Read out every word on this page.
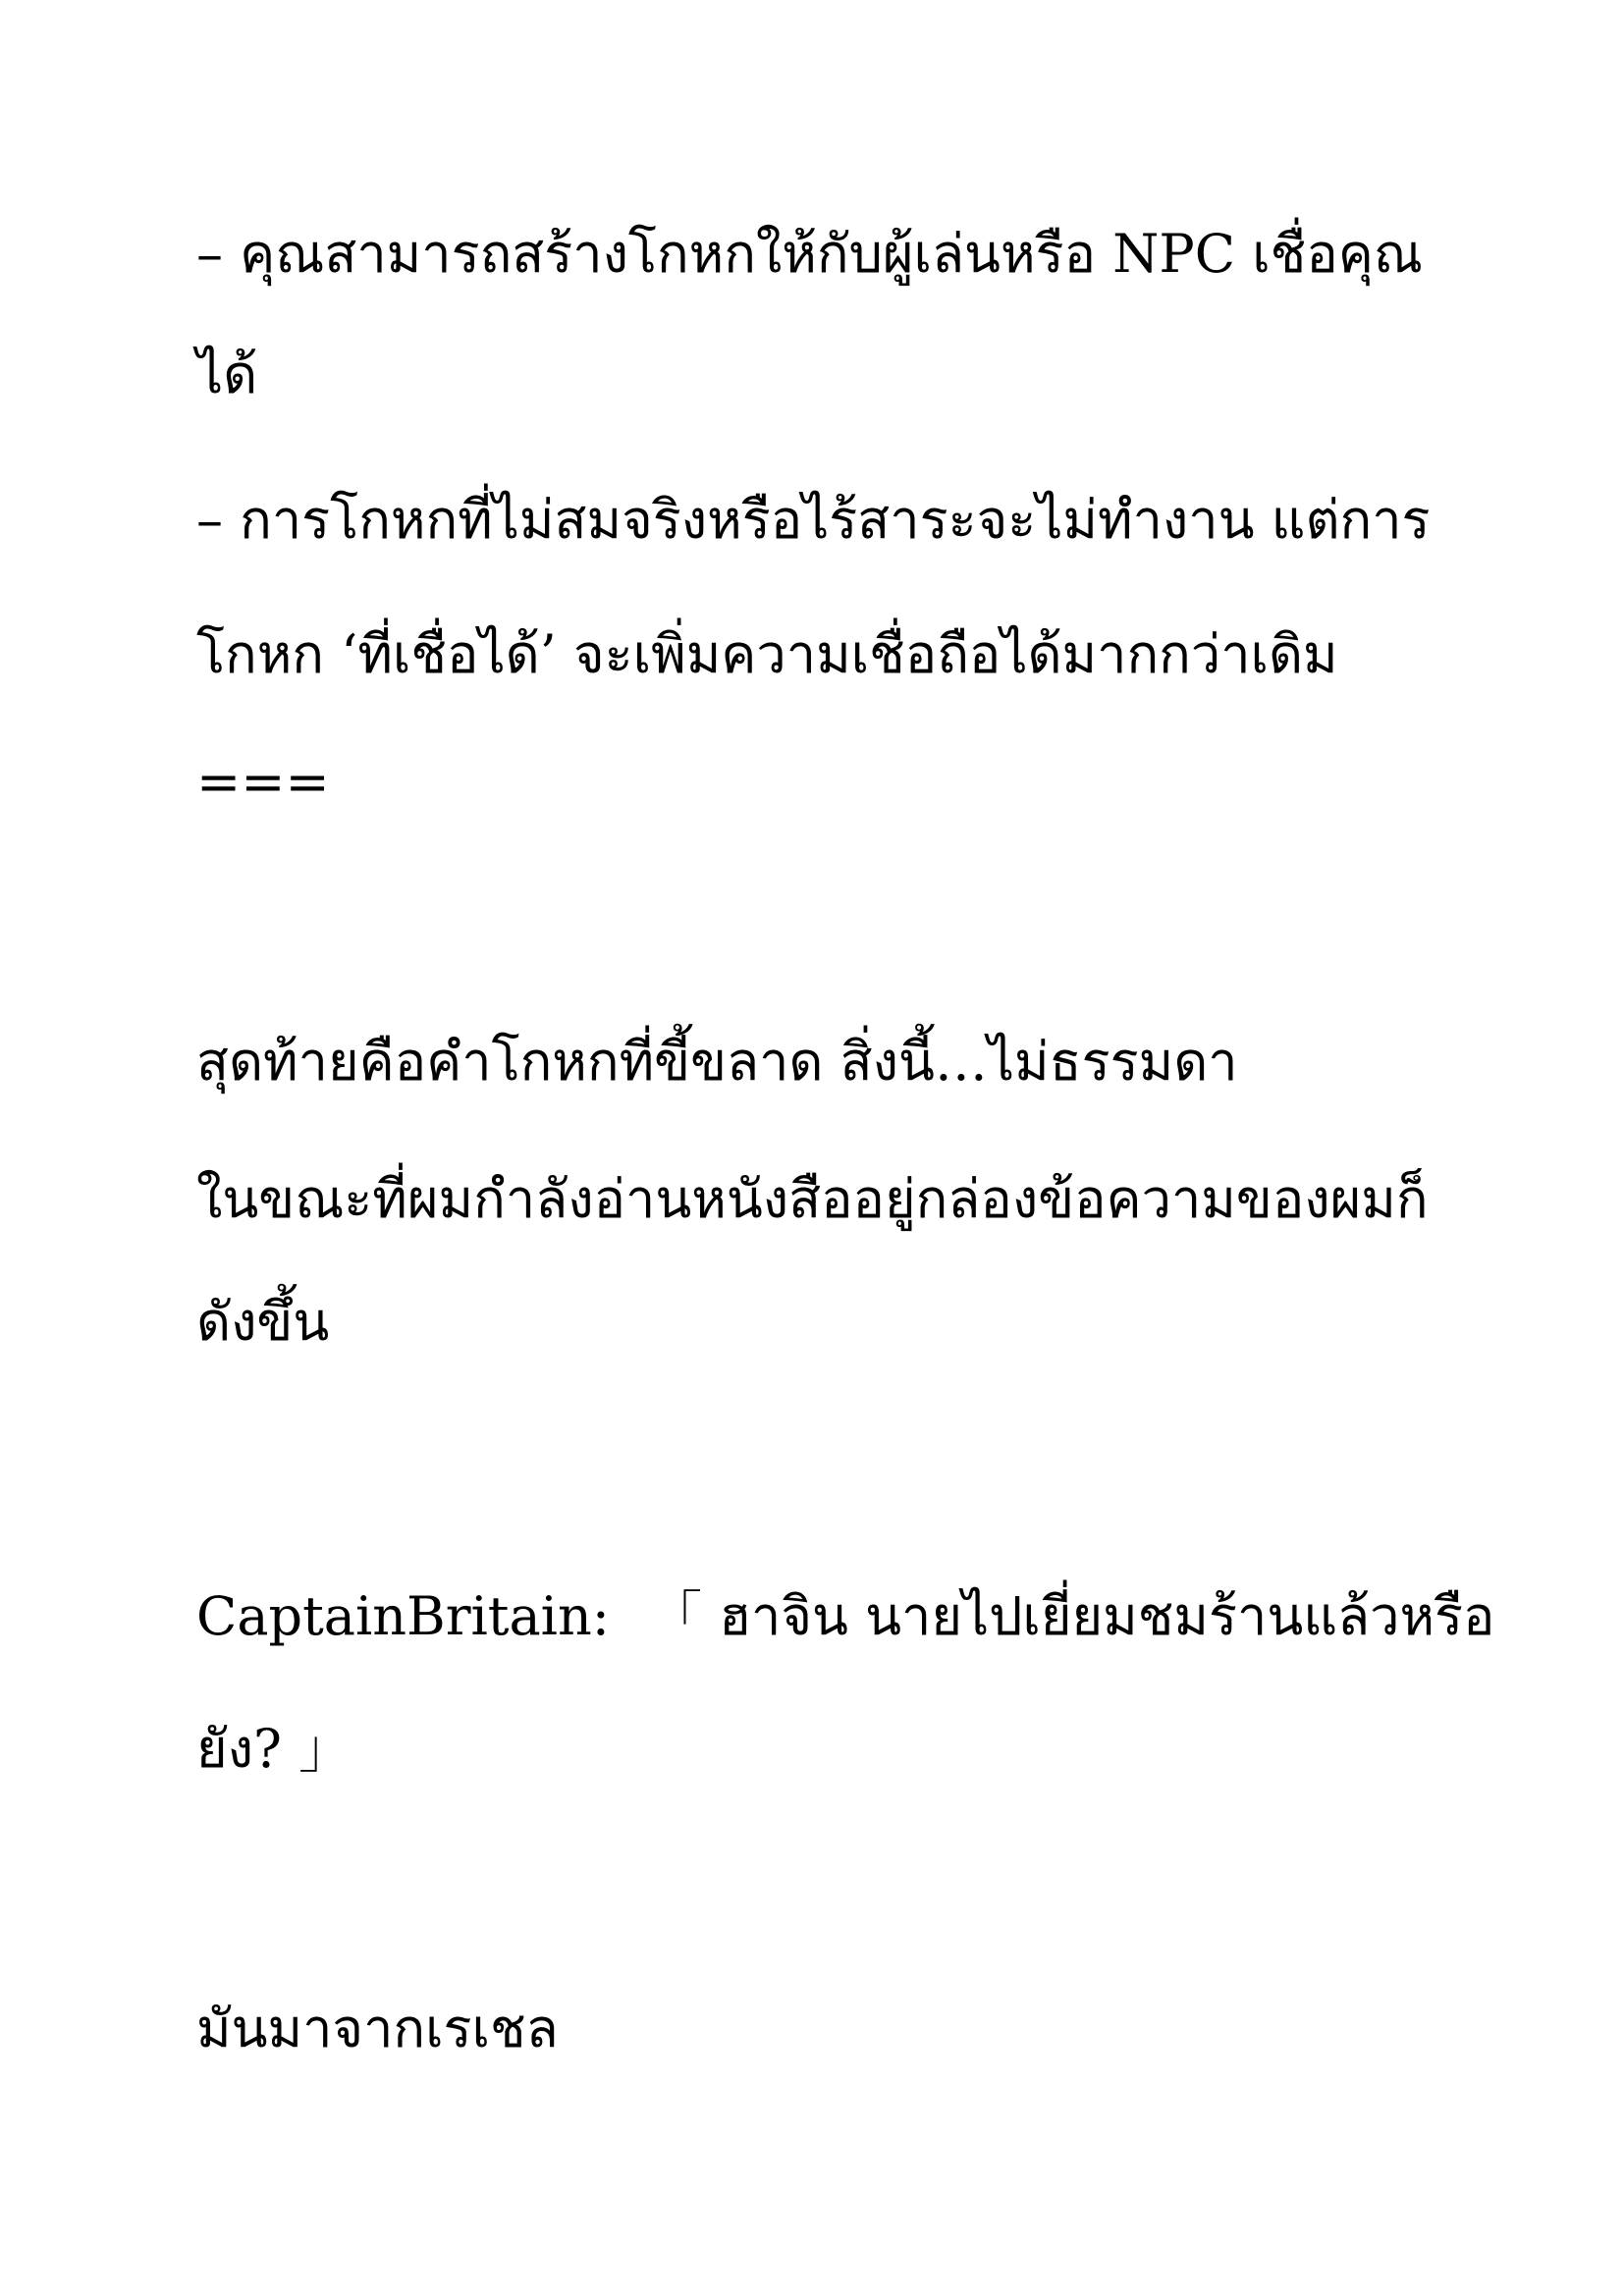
– คุณสามารถสร้างโกหกให้กับผู้เล่นหรือ NPC เชื่อคุณ
ได้
– การโกหกที่ไม่สมจริงหรือไร้สาระจะไม่ทำงาน แต่การ
โกหก ‘ที่เชื่อได้’ จะเพิ่มความเชื่อถือได้มากกว่าเดิม
===
สุดท้ายคือคำโกหกที่ขี้ขลาด สิ่งนี้…ไม่ธรรมดา
ในขณะที่ผมกำลังอ่านหนังสืออยู่กล่องข้อความของผมก็
ดังขึ้น
CaptainBritain: 「 ฮาจิน นายไปเยี่ยมชมร้านแล้วหรือ
ยัง? 」
มันมาจากเรเชล
